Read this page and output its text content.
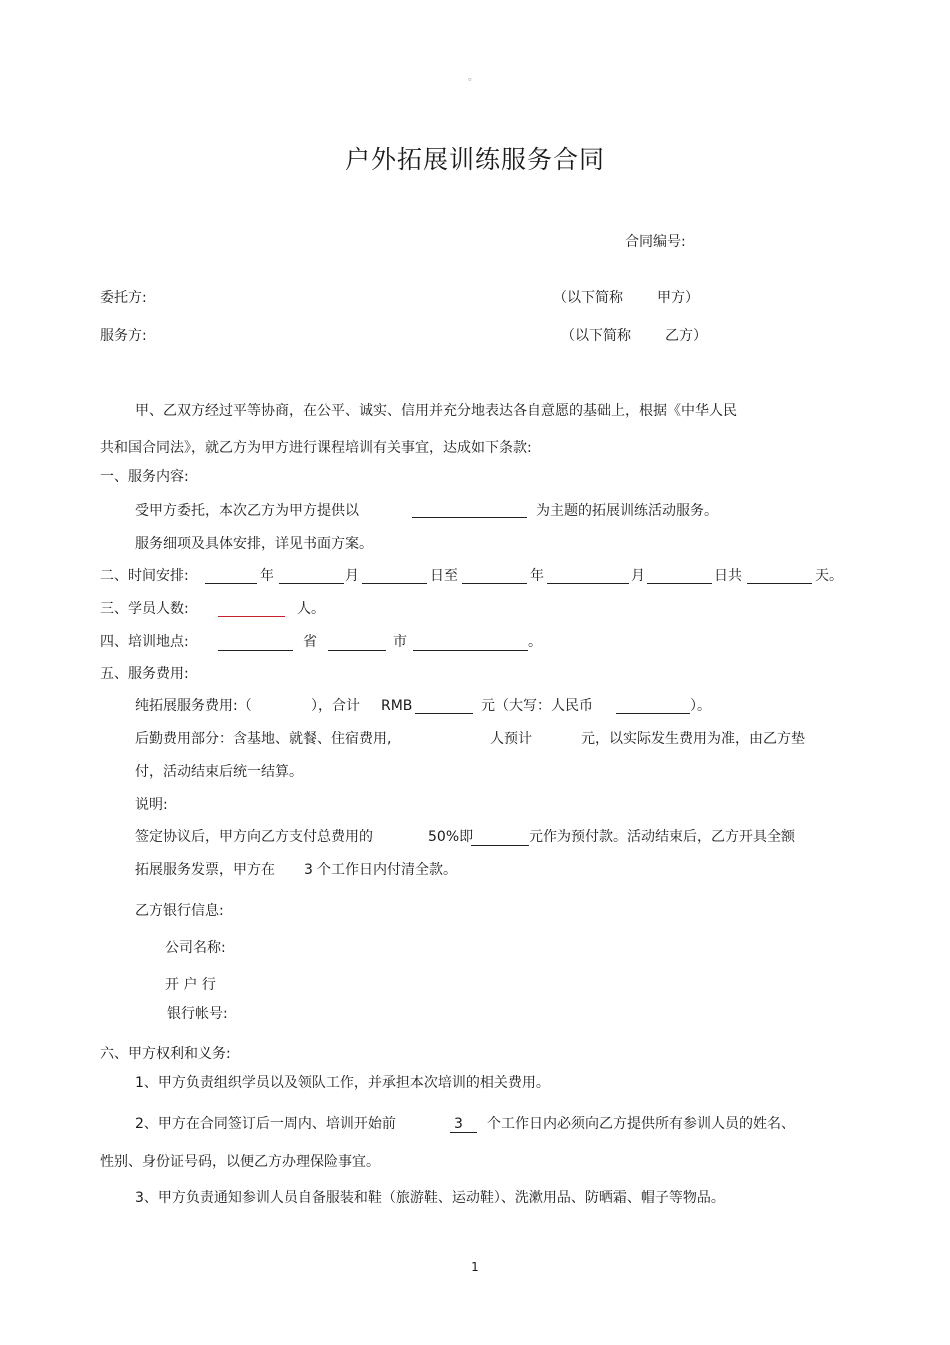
。
户外拓展训练服务合同
合同编号:
委托方:	（以下简称 甲方）
服务方:	（以下简称 乙方）
甲、乙双方经过平等协商，在公平、诚实、信用并充分地表达各自意愿的基础上，根据《中华人民
共和国合同法》，就乙方为甲方进行课程培训有关事宜，达成如下条款:
一、服务内容:
受甲方委托，本次乙方为甲方提供以	为主题的拓展训练活动服务。
服务细项及具体安排，详见书面方案。
二、时间安排:	年	月	日至	年	月	日共	天。
三、学员人数:	人。
四、培训地点:	省	市	。
五、服务费用:
纯拓展服务费用:（	），合计 RMB	元（大写：人民币	）。
后勤费用部分：含基地、就餐、住宿费用,	人预计	元，以实际发生费用为准，由乙方垫
付，活动结束后统一结算。
说明:
签定协议后，甲方向乙方支付总费用的	50%即	元作为预付款。活动结束后，乙方开具全额
拓展服务发票，甲方在 3 个工作日内付清全款。
乙方银行信息:
公司名称:
开 户 行
银行帐号:
六、甲方权利和义务:
1、甲方负责组织学员以及领队工作，并承担本次培训的相关费用。
2、甲方在合同签订后一周内、培训开始前	3 个工作日内必须向乙方提供所有参训人员的姓名、
性别、身份证号码，以便乙方办理保险事宜。
3、甲方负责通知参训人员自备服装和鞋（旅游鞋、运动鞋）、洗漱用品、防晒霜、帽子等物品。
1
